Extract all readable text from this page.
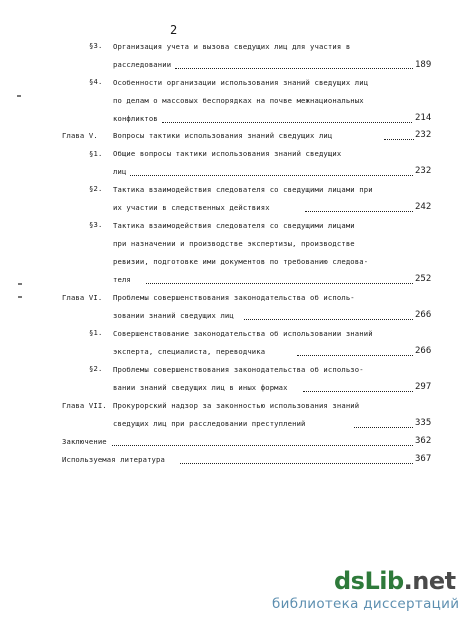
2
§3. Организация учета и вызова сведущих лиц для участия в
расследовании	189
§4. Особенности организации использования знаний сведущих лиц
по делам о массовых беспорядках на почве межнациональных
конфликтов	214
Глава V. Вопросы тактики использования знаний сведущих лиц	232
§1. Общие вопросы тактики использования знаний сведущих
лиц	232
§2. Тактика взаимодействия следователя со сведущими лицами при
их участии в следственных действиях	242
§3. Тактика взаимодействия следователя со сведущими лицами
при назначении и производстве экспертизы, производстве
ревизии, подготовке ими документов по требованию следова-
теля	252
Глава VI. Проблемы совершенствования законодательства об исполь-
зовании знаний сведущих лиц	266
§1. Совершенствование законодательства об использовании знаний
эксперта, специалиста, переводчика	266
§2. Проблемы совершенствования законодательства об использо-
вании знаний сведущих лиц в иных формах	297
Глава VII. Прокурорский надзор за законностью использования знаний
сведущих лиц при расследовании преступлений	335
Заключение	362
Используемая литература	367
dsLib.net
библиотека диссертаций
